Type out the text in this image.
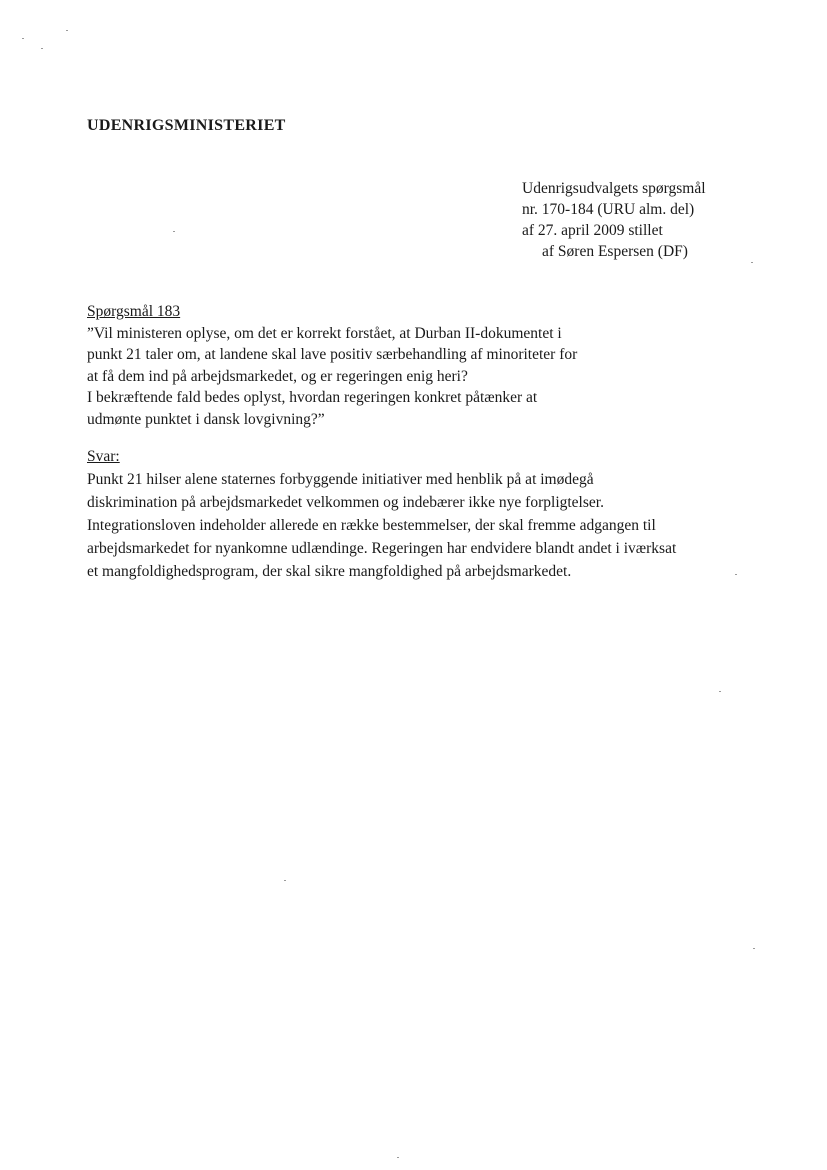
UDENRIGSMINISTERIET
Udenrigsudvalgets spørgsmål
nr. 170-184 (URU alm. del)
af 27. april 2009 stillet
af Søren Espersen (DF)
Spørgsmål 183
”Vil ministeren oplyse, om det er korrekt forstået, at Durban II-dokumentet i
punkt 21 taler om, at landene skal lave positiv særbehandling af minoriteter for
at få dem ind på arbejdsmarkedet, og er regeringen enig heri?
I bekræftende fald bedes oplyst, hvordan regeringen konkret påtænker at
udmønte punktet i dansk lovgivning?”
Svar:
Punkt 21 hilser alene staternes forbyggende initiativer med henblik på at imødegå
diskrimination på arbejdsmarkedet velkommen og indebærer ikke nye forpligtelser.
Integrationsloven indeholder allerede en række bestemmelser, der skal fremme adgangen til
arbejdsmarkedet for nyankomne udlændinge. Regeringen har endvidere blandt andet i iværksat
et mangfoldighedsprogram, der skal sikre mangfoldighed på arbejdsmarkedet.
